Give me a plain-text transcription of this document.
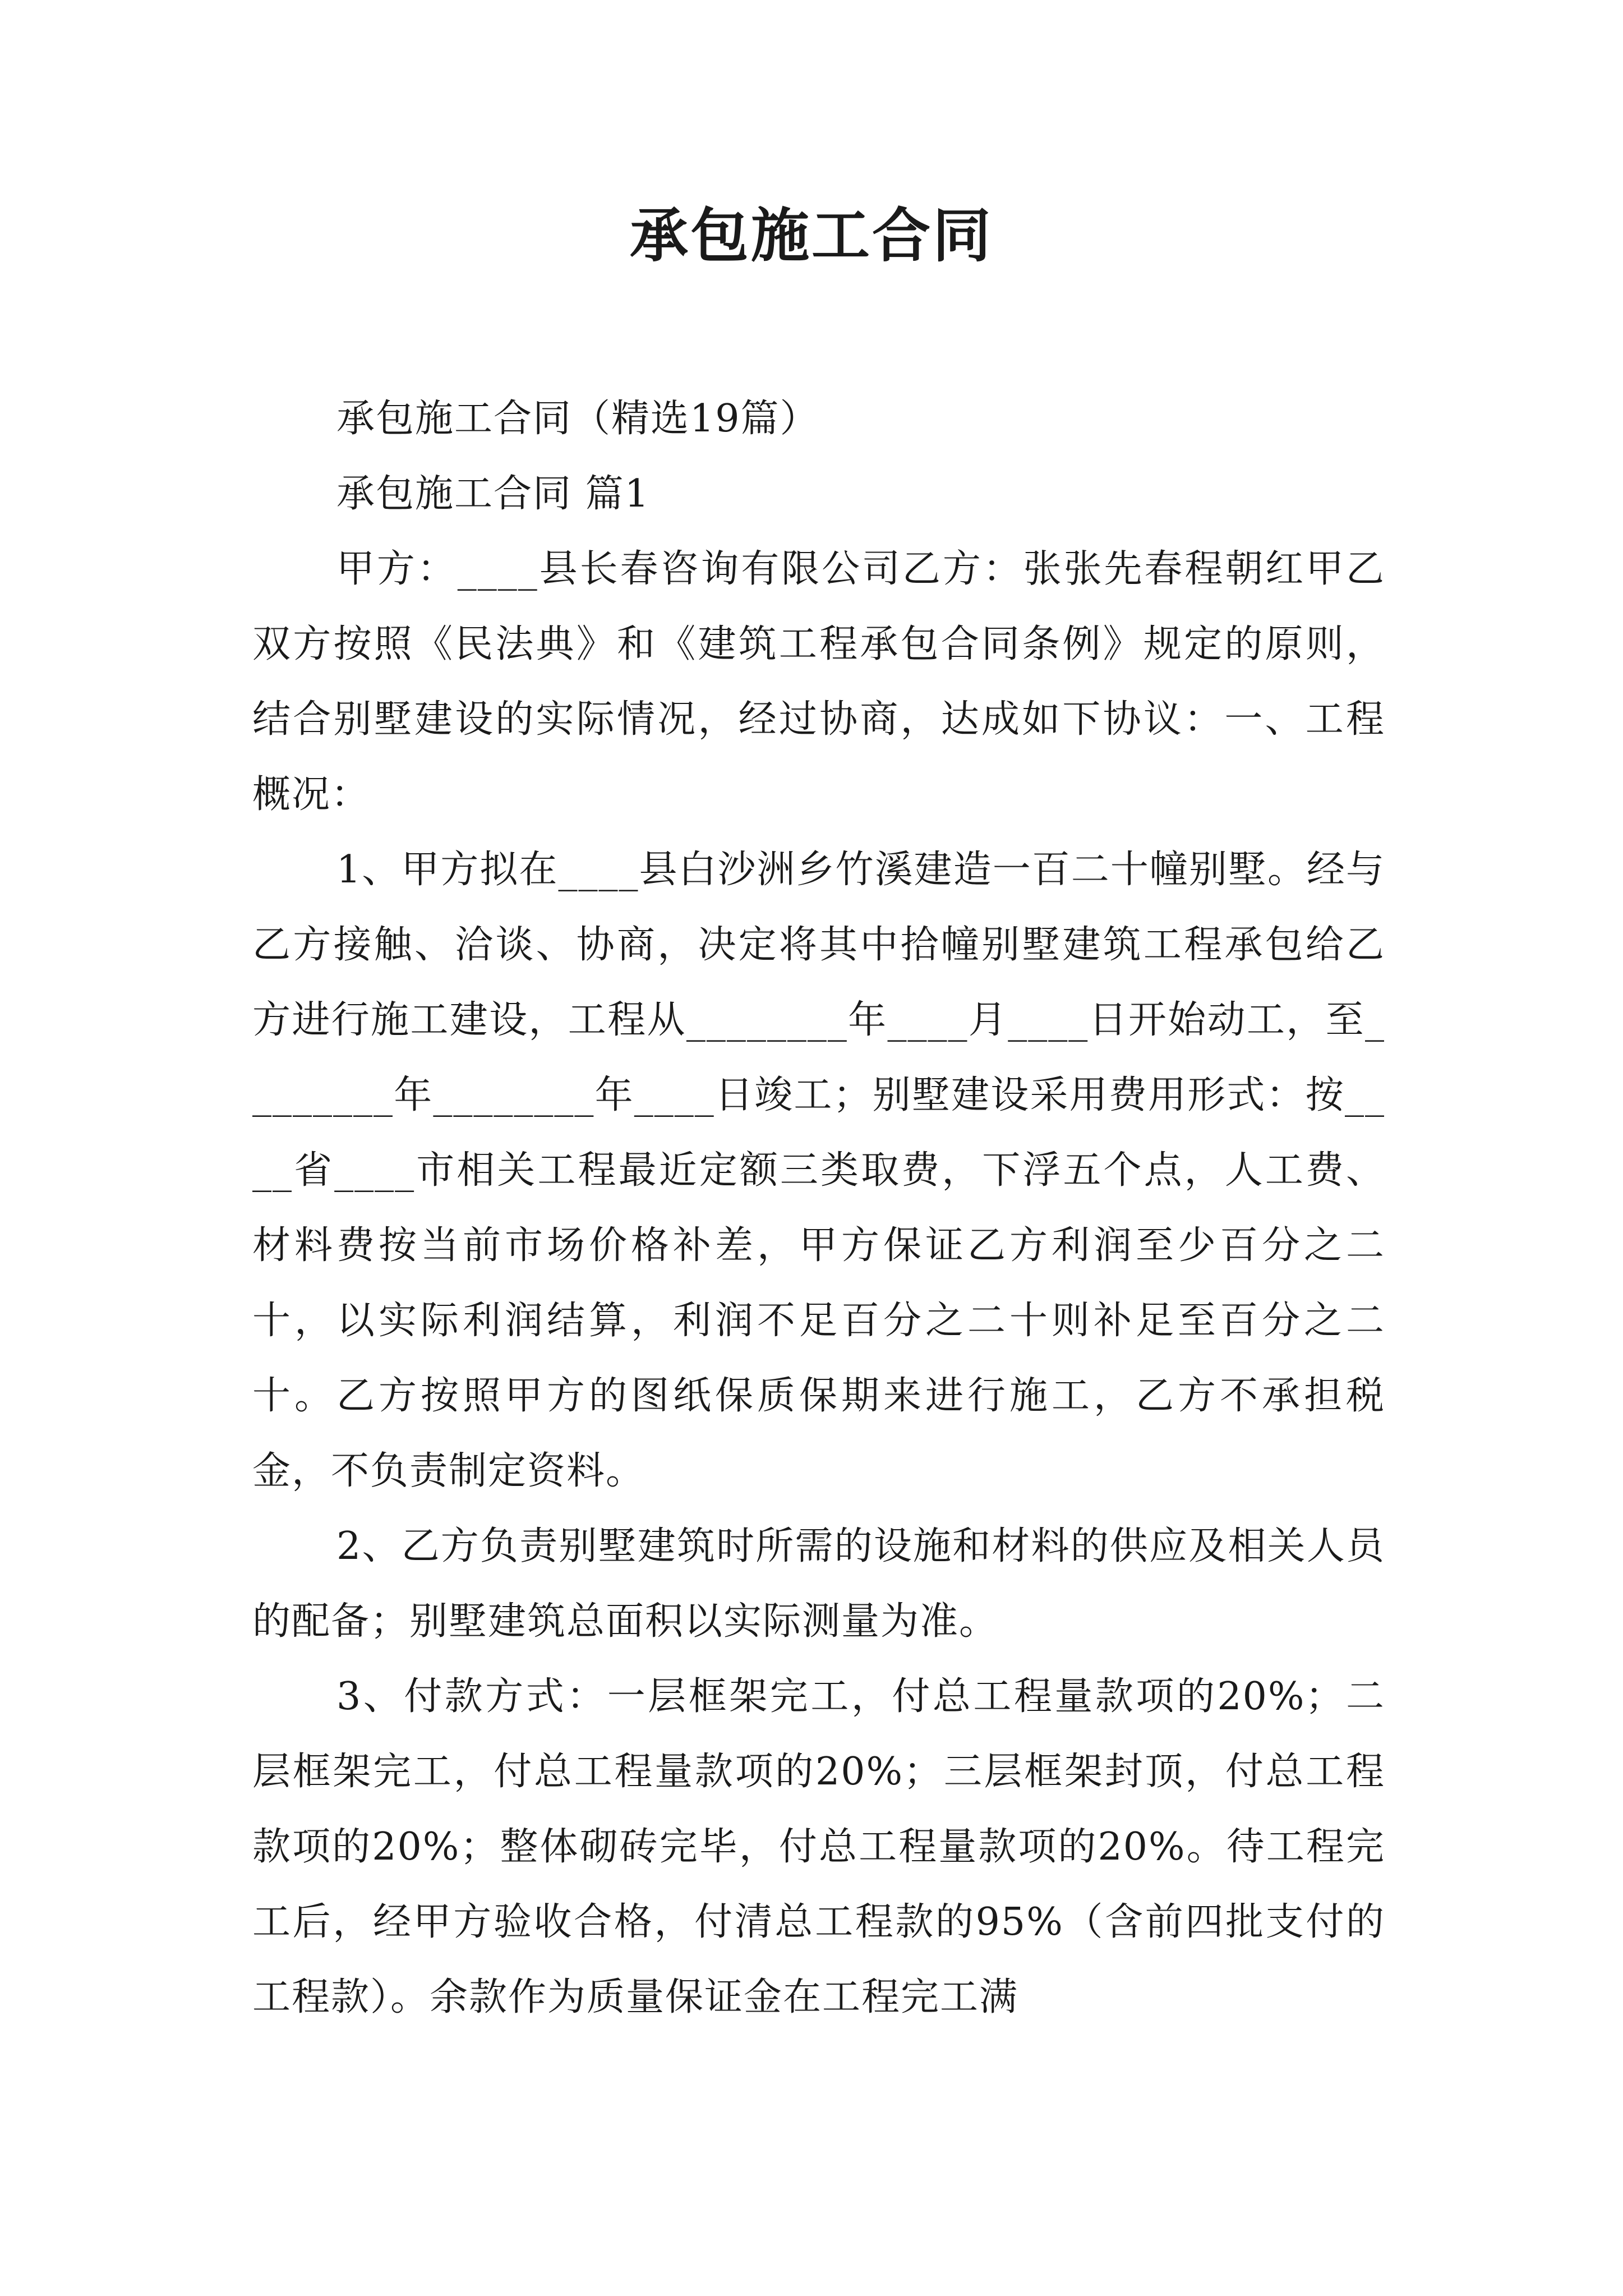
承包施工合同

承包施工合同（精选19篇）

承包施工合同 篇1

甲方：____县长春咨询有限公司乙方：张张先春程朝红甲乙双方按照《民法典》和《建筑工程承包合同条例》规定的原则，结合别墅建设的实际情况，经过协商，达成如下协议：一、工程概况：

1、甲方拟在____县白沙洲乡竹溪建造一百二十幢别墅。经与乙方接触、洽谈、协商，决定将其中拾幢别墅建筑工程承包给乙方进行施工建设，工程从________年____月____日开始动工，至________年________年____日竣工；别墅建设采用费用形式：按____省____市相关工程最近定额三类取费，下浮五个点，人工费、材料费按当前市场价格补差，甲方保证乙方利润至少百分之二十，以实际利润结算，利润不足百分之二十则补足至百分之二十。乙方按照甲方的图纸保质保期来进行施工，乙方不承担税金，不负责制定资料。

2、乙方负责别墅建筑时所需的设施和材料的供应及相关人员的配备；别墅建筑总面积以实际测量为准。

3、付款方式：一层框架完工，付总工程量款项的20%；二层框架完工，付总工程量款项的20%；三层框架封顶，付总工程款项的20%；整体砌砖完毕，付总工程量款项的20%。待工程完工后，经甲方验收合格，付清总工程款的95%（含前四批支付的工程款）。余款作为质量保证金在工程完工满
